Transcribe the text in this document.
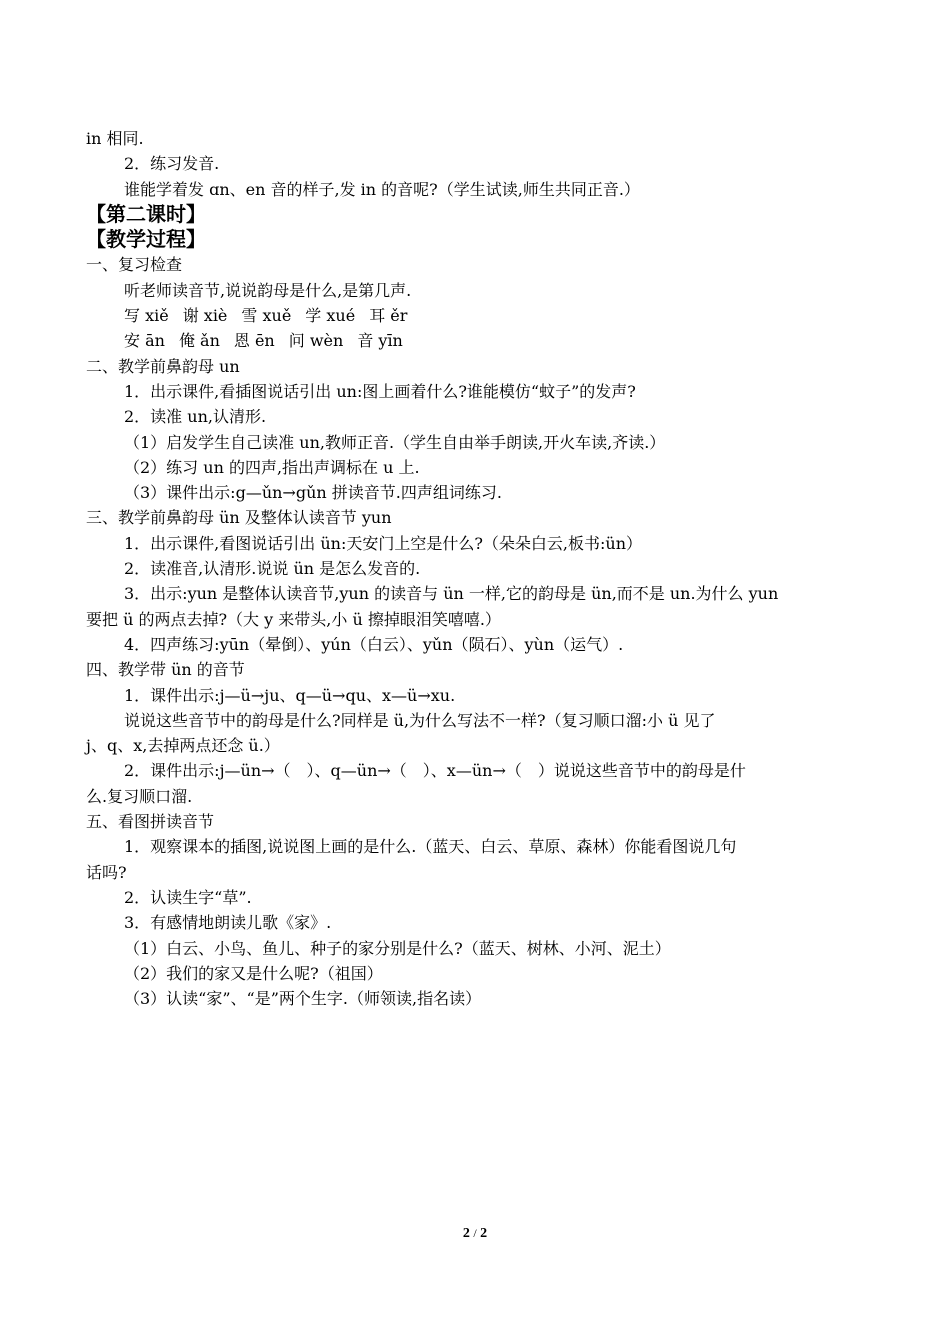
in 相同.
2．练习发音.
谁能学着发 ɑn、en 音的样子,发 in 的音呢?（学生试读,师生共同正音.）
【第二课时】
【教学过程】
一、复习检查
听老师读音节,说说韵母是什么,是第几声.
写 xiě 谢 xiè 雪 xuě 学 xué 耳 ěr
安 ān 俺 ǎn 恩 ēn 问 wèn 音 yīn
二、教学前鼻韵母 un
1．出示课件,看插图说话引出 un:图上画着什么?谁能模仿“蚊子”的发声?
2．读准 un,认清形.
（1）启发学生自己读准 un,教师正音.（学生自由举手朗读,开火车读,齐读.）
（2）练习 un 的四声,指出声调标在 u 上.
（3）课件出示:g—ǔn→gǔn 拼读音节.四声组词练习.
三、教学前鼻韵母 ün 及整体认读音节 yun
1．出示课件,看图说话引出 ün:天安门上空是什么?（朵朵白云,板书:ün）
2．读准音,认清形.说说 ün 是怎么发音的.
3．出示:yun 是整体认读音节,yun 的读音与 ün 一样,它的韵母是 ün,而不是 un.为什么 yun
要把 ü 的两点去掉?（大 y 来带头,小 ü 擦掉眼泪笑嘻嘻.）
4．四声练习:yūn（晕倒）、yún（白云）、yǔn（陨石）、yùn（运气）.
四、教学带 ün 的音节
1．课件出示:j—ü→ju、q—ü→qu、x—ü→xu.
说说这些音节中的韵母是什么?同样是 ü,为什么写法不一样?（复习顺口溜:小 ü 见了
j、q、x,去掉两点还念 ü.）
2．课件出示:j—ün→（　）、q—ün→（　）、x—ün→（　）说说这些音节中的韵母是什
么.复习顺口溜.
五、看图拼读音节
1．观察课本的插图,说说图上画的是什么.（蓝天、白云、草原、森林）你能看图说几句
话吗?
2．认读生字“草”.
3．有感情地朗读儿歌《家》.
（1）白云、小鸟、鱼儿、种子的家分别是什么?（蓝天、树林、小河、泥土）
（2）我们的家又是什么呢?（祖国）
（3）认读“家”、“是”两个生字.（师领读,指名读）
2 / 2
